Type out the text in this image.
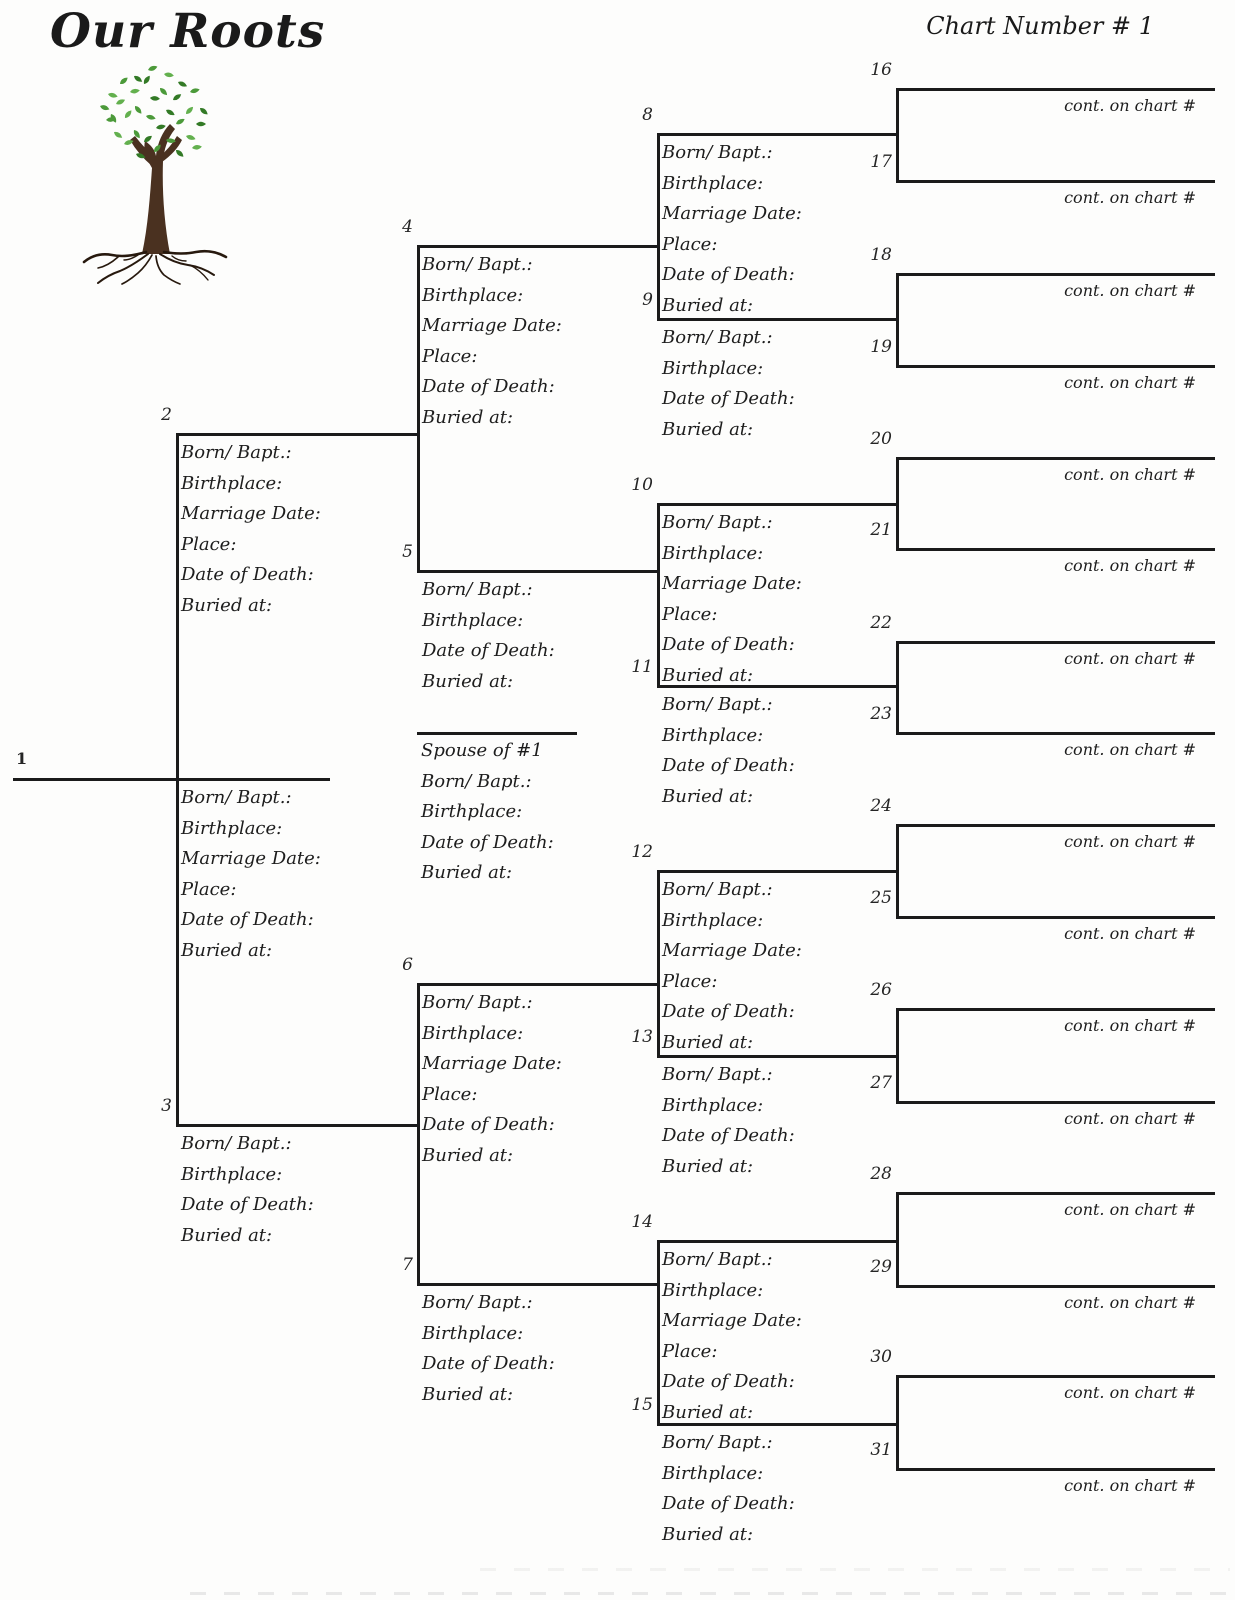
Our Roots	Chart Number # 1
1
Born/ Bapt.:
Birthplace:
Marriage Date:
Place:
Date of Death:
Buried at:
2
Born/ Bapt.:
Birthplace:
Marriage Date:
Place:
Date of Death:
Buried at:
3
Born/ Bapt.:
Birthplace:
Date of Death:
Buried at:
4
Born/ Bapt.:
Birthplace:
Marriage Date:
Place:
Date of Death:
Buried at:
5
Born/ Bapt.:
Birthplace:
Date of Death:
Buried at:
6
Born/ Bapt.:
Birthplace:
Marriage Date:
Place:
Date of Death:
Buried at:
7
Born/ Bapt.:
Birthplace:
Date of Death:
Buried at:
8
Born/ Bapt.:
Birthplace:
Marriage Date:
Place:
Date of Death:
Buried at:
9
Born/ Bapt.:
Birthplace:
Date of Death:
Buried at:
10
Born/ Bapt.:
Birthplace:
Marriage Date:
Place:
Date of Death:
Buried at:
11
Born/ Bapt.:
Birthplace:
Date of Death:
Buried at:
12
Born/ Bapt.:
Birthplace:
Marriage Date:
Place:
Date of Death:
Buried at:
13
Born/ Bapt.:
Birthplace:
Date of Death:
Buried at:
14
Born/ Bapt.:
Birthplace:
Marriage Date:
Place:
Date of Death:
Buried at:
15
Born/ Bapt.:
Birthplace:
Date of Death:
Buried at:
16
cont. on chart #
17
cont. on chart #
18
cont. on chart #
19
cont. on chart #
20
cont. on chart #
21
cont. on chart #
22
cont. on chart #
23
cont. on chart #
24
cont. on chart #
25
cont. on chart #
26
cont. on chart #
27
cont. on chart #
28
cont. on chart #
29
cont. on chart #
30
cont. on chart #
31
cont. on chart #
Spouse of #1
Born/ Bapt.:
Birthplace:
Date of Death:
Buried at:
